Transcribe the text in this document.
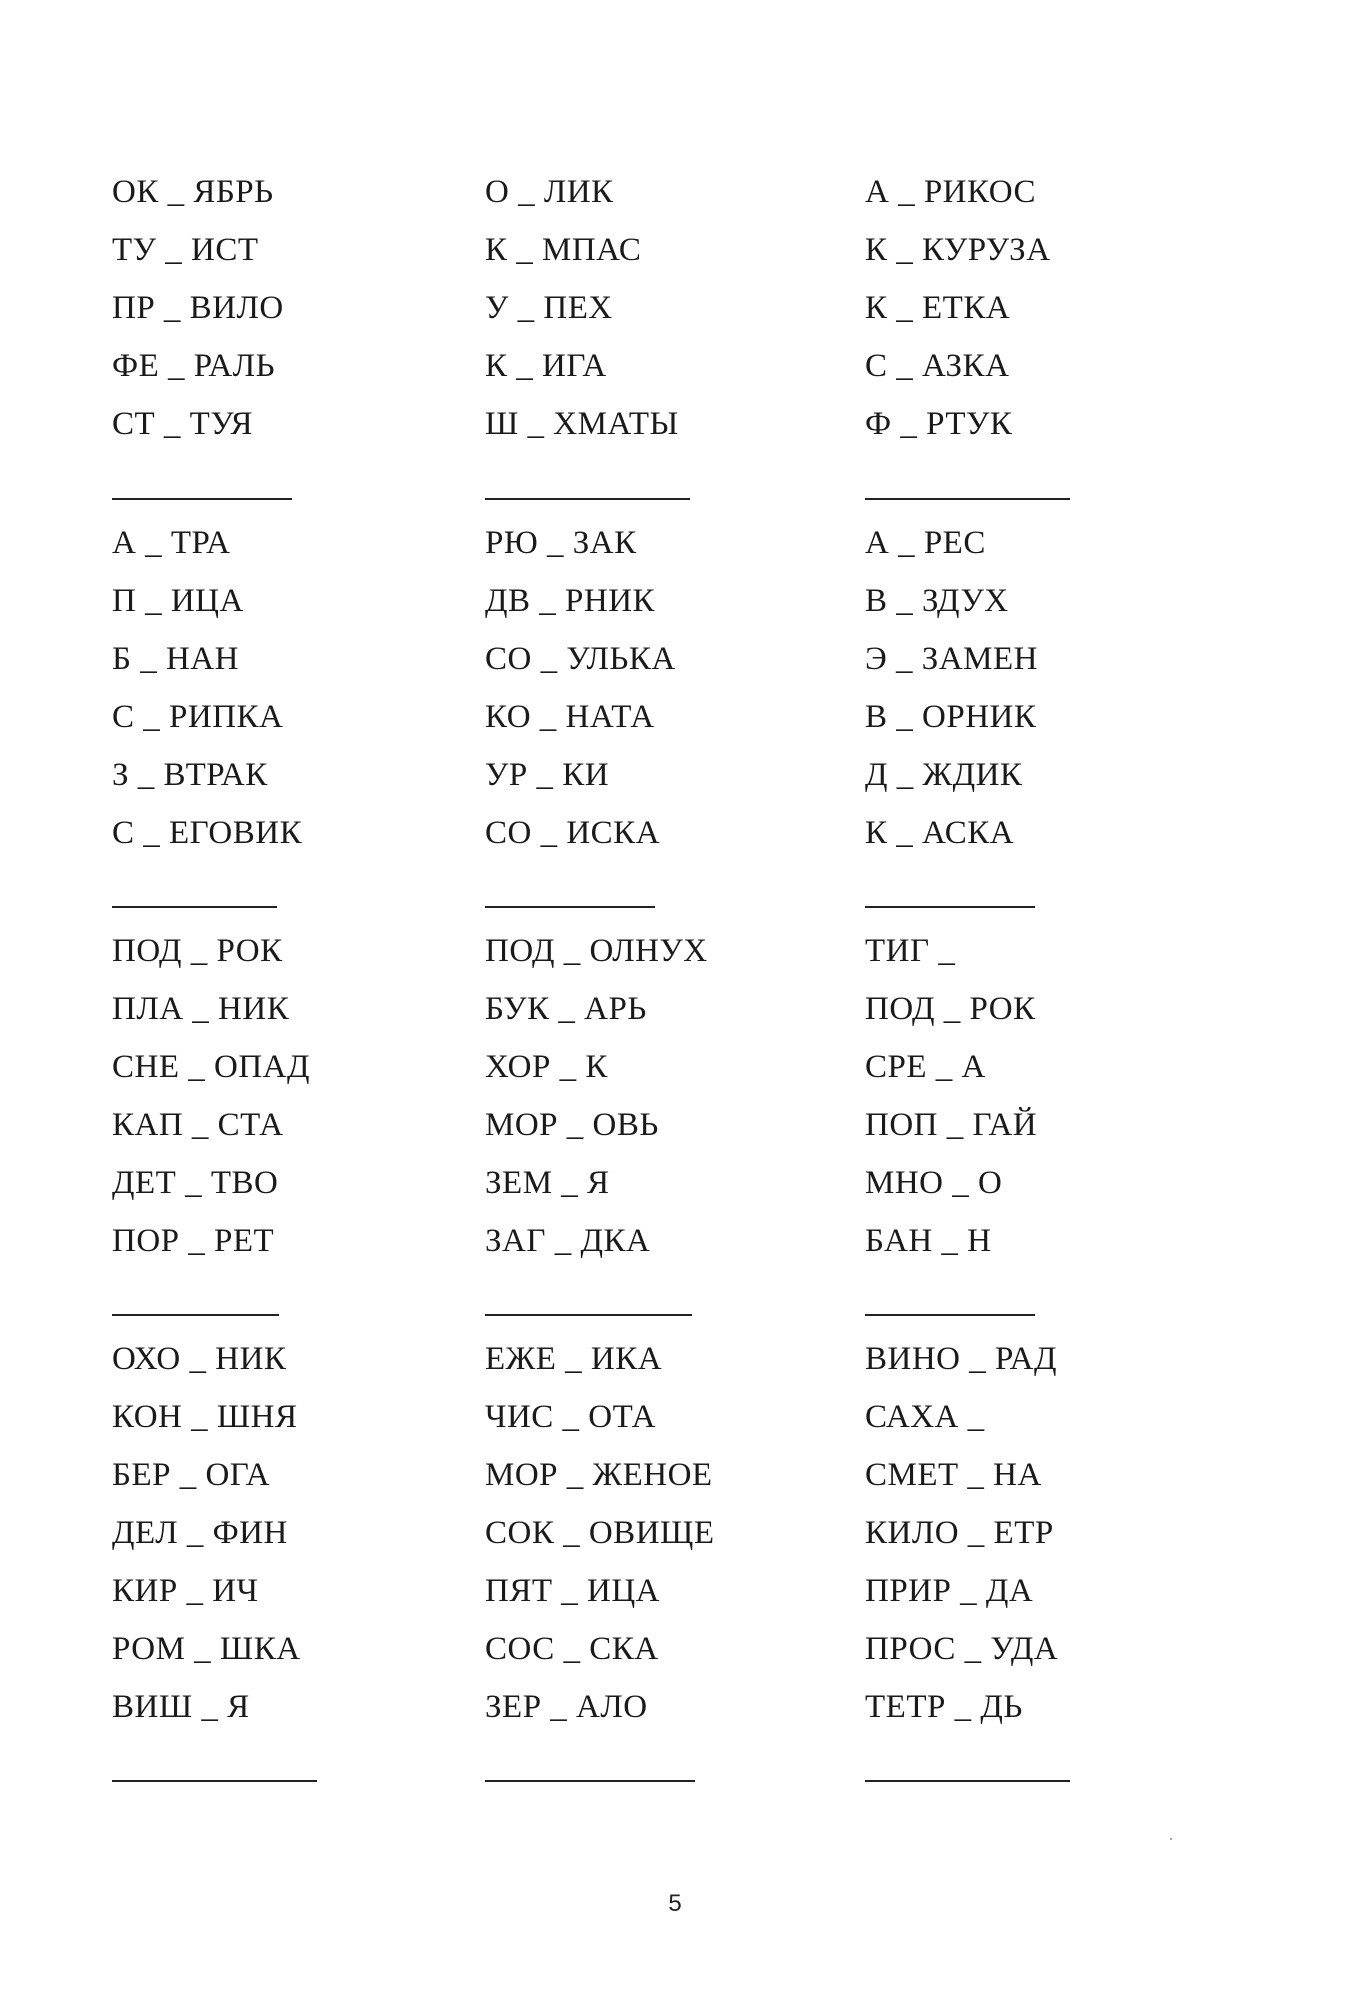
ОК _ ЯБРЬ
ТУ _ ИСТ
ПР _ ВИЛО
ФЕ _ РАЛЬ
СТ _ ТУЯ
О _ ЛИК
К _ МПАС
У _ ПЕХ
К _ ИГА
Ш _ ХМАТЫ
А _ РИКОС
К _ КУРУЗА
К _ ЕТКА
С _ АЗКА
Ф _ РТУК
А _ ТРА
П _ ИЦА
Б _ НАН
С _ РИПКА
З _ ВТРАК
С _ ЕГОВИК
РЮ _ ЗАК
ДВ _ РНИК
СО _ УЛЬКА
КО _ НАТА
УР _ КИ
СО _ ИСКА
А _ РЕС
В _ ЗДУХ
Э _ ЗАМЕН
В _ ОРНИК
Д _ ЖДИК
К _ АСКА
ПОД _ РОК
ПЛА _ НИК
СНЕ _ ОПАД
КАП _ СТА
ДЕТ _ ТВО
ПОР _ РЕТ
ПОД _ ОЛНУХ
БУК _ АРЬ
ХОР _ К
МОР _ ОВЬ
ЗЕМ _ Я
ЗАГ _ ДКА
ТИГ _
ПОД _ РОК
СРЕ _ А
ПОП _ ГАЙ
МНО _ О
БАН _ Н
ОХО _ НИК
КОН _ ШНЯ
БЕР _ ОГА
ДЕЛ _ ФИН
КИР _ ИЧ
РОМ _ ШКА
ВИШ _ Я
ЕЖЕ _ ИКА
ЧИС _ ОТА
МОР _ ЖЕНОЕ
СОК _ ОВИЩЕ
ПЯТ _ ИЦА
СОС _ СКА
ЗЕР _ АЛО
ВИНО _ РАД
САХА _
СМЕТ _ НА
КИЛО _ ЕТР
ПРИР _ ДА
ПРОС _ УДА
ТЕТР _ ДЬ
5
